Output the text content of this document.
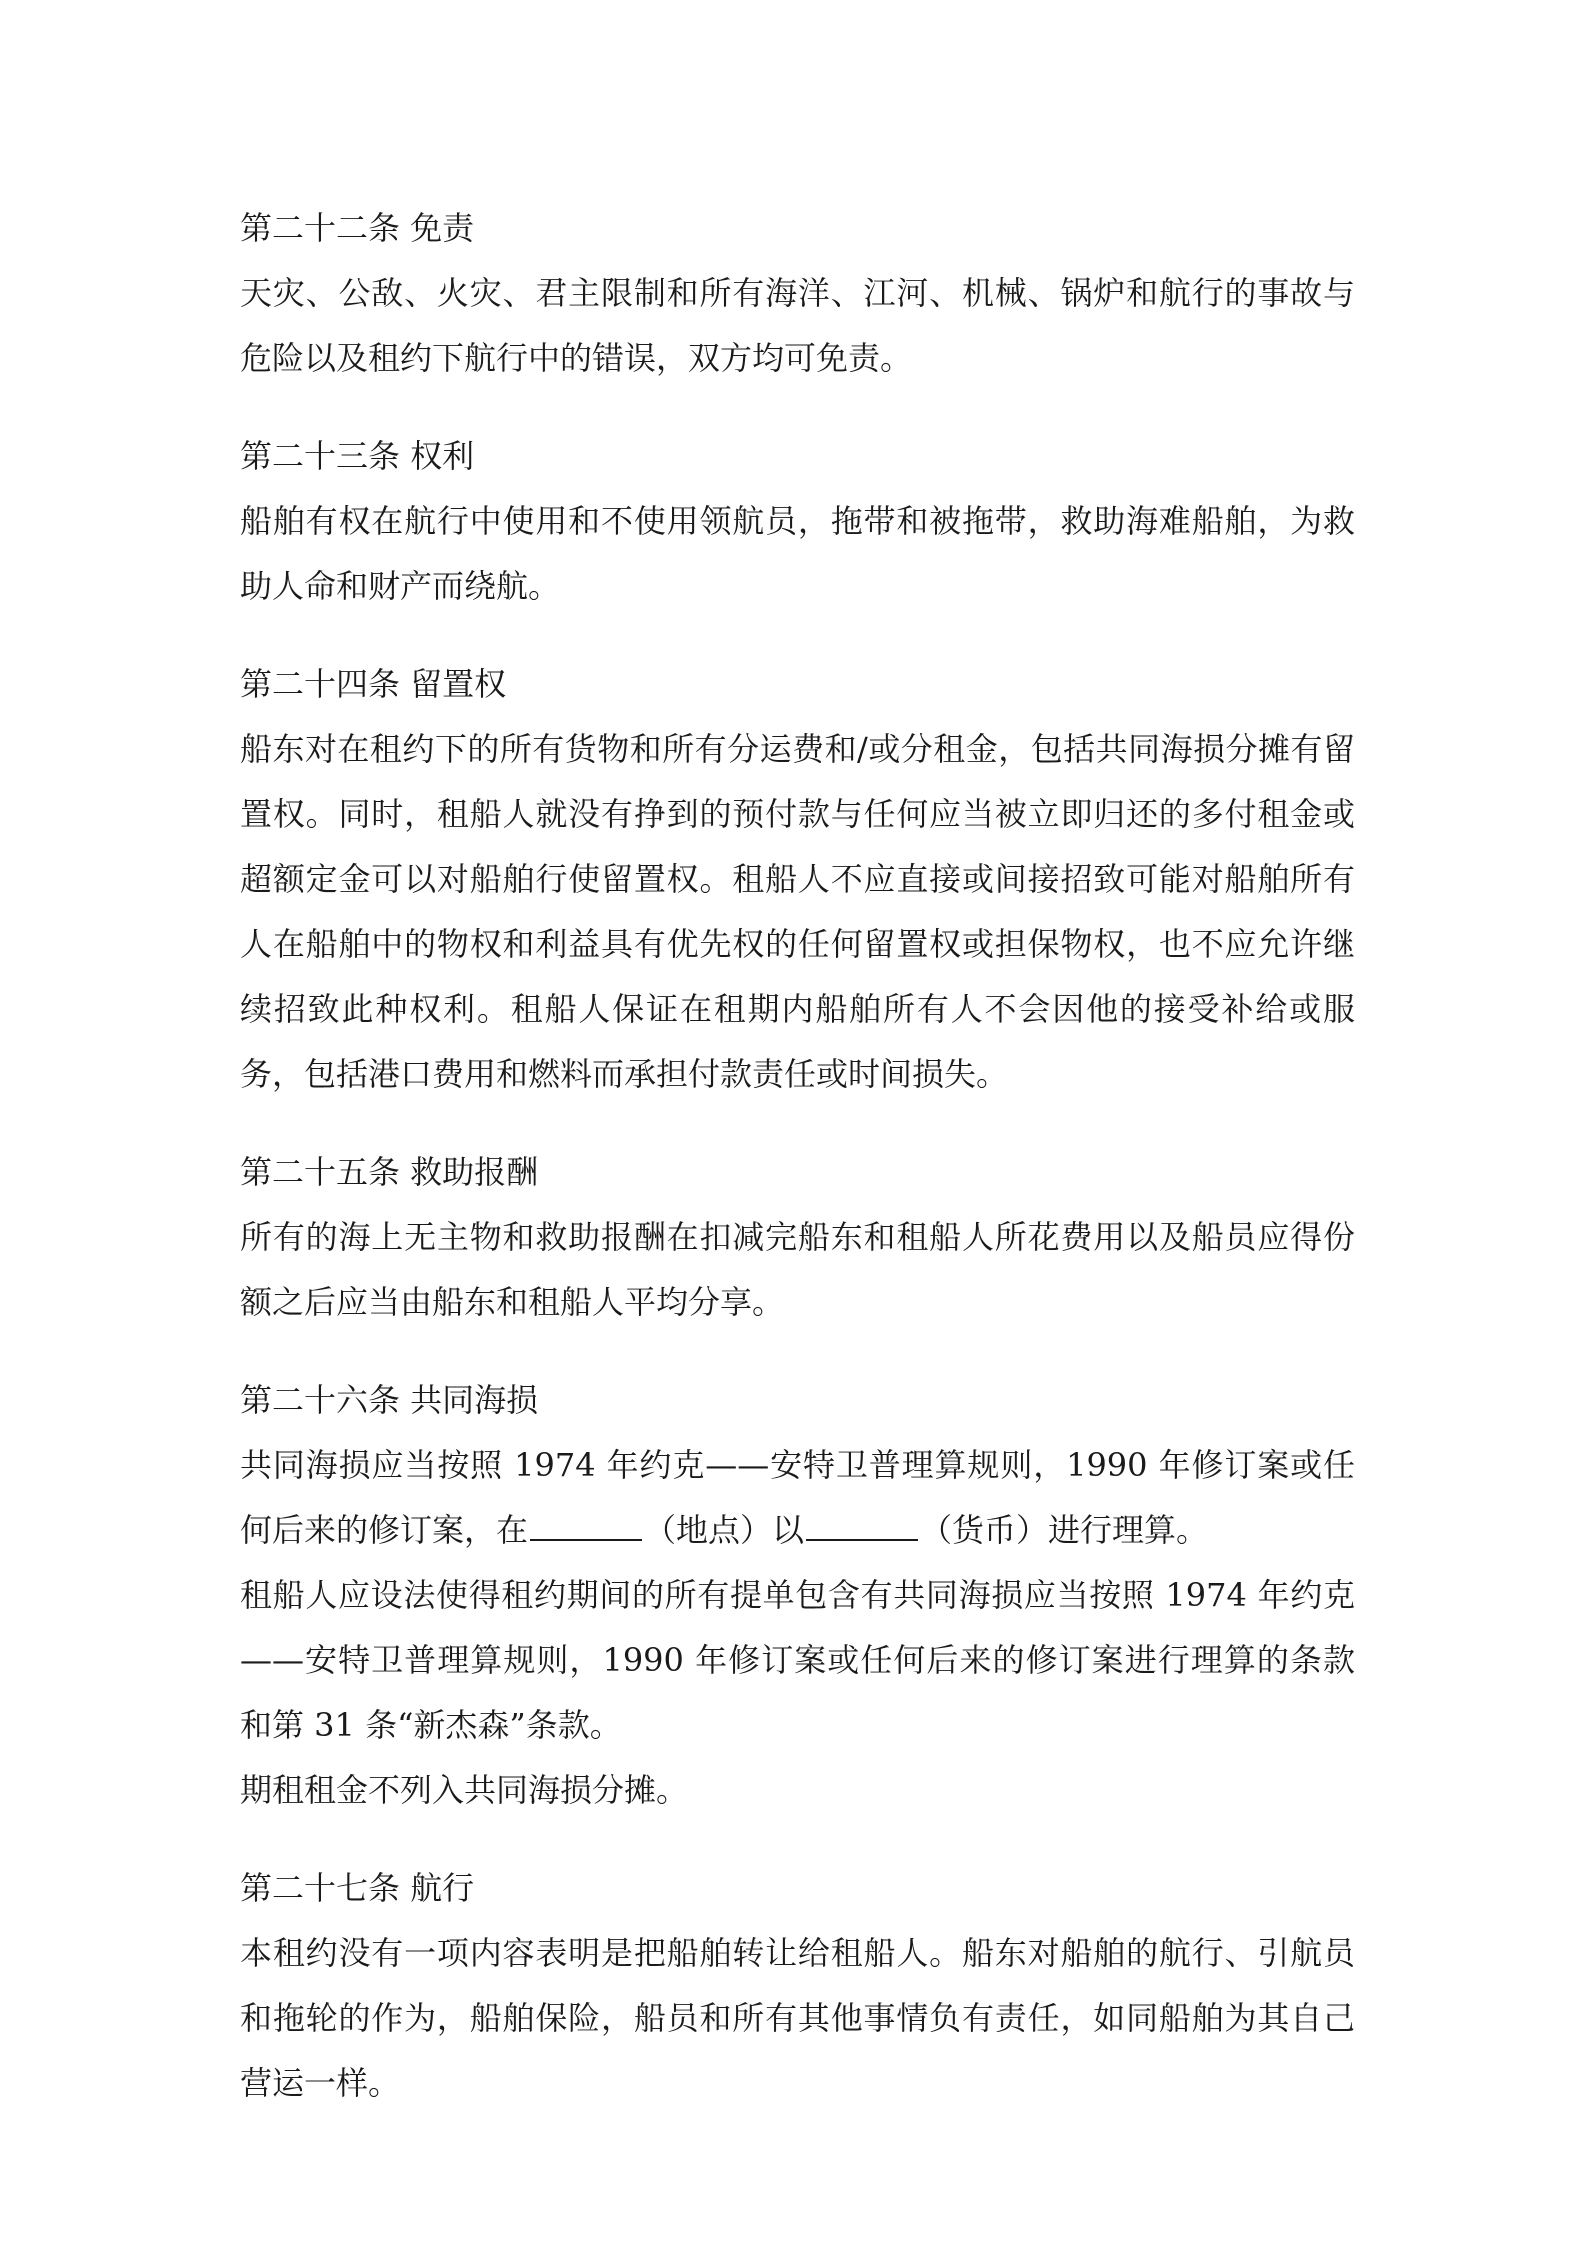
第二十二条 免责

天灾、公敌、火灾、君主限制和所有海洋、江河、机械、锅炉和航行的事故与危险以及租约下航行中的错误，双方均可免责。

第二十三条 权利

船舶有权在航行中使用和不使用领航员，拖带和被拖带，救助海难船舶，为救助人命和财产而绕航。

第二十四条 留置权

船东对在租约下的所有货物和所有分运费和/或分租金，包括共同海损分摊有留置权。同时，租船人就没有挣到的预付款与任何应当被立即归还的多付租金或超额定金可以对船舶行使留置权。租船人不应直接或间接招致可能对船舶所有人在船舶中的物权和利益具有优先权的任何留置权或担保物权，也不应允许继续招致此种权利。租船人保证在租期内船舶所有人不会因他的接受补给或服务，包括港口费用和燃料而承担付款责任或时间损失。

第二十五条 救助报酬

所有的海上无主物和救助报酬在扣减完船东和租船人所花费用以及船员应得份额之后应当由船东和租船人平均分享。

第二十六条 共同海损

共同海损应当按照 1974 年约克——安特卫普理算规则，1990 年修订案或任何后来的修订案，在	（地点）以	（货币）进行理算。

租船人应设法使得租约期间的所有提单包含有共同海损应当按照 1974 年约克——安特卫普理算规则，1990 年修订案或任何后来的修订案进行理算的条款和第 31 条“新杰森”条款。

期租租金不列入共同海损分摊。

第二十七条 航行

本租约没有一项内容表明是把船舶转让给租船人。船东对船舶的航行、引航员和拖轮的作为，船舶保险，船员和所有其他事情负有责任，如同船舶为其自己营运一样。
